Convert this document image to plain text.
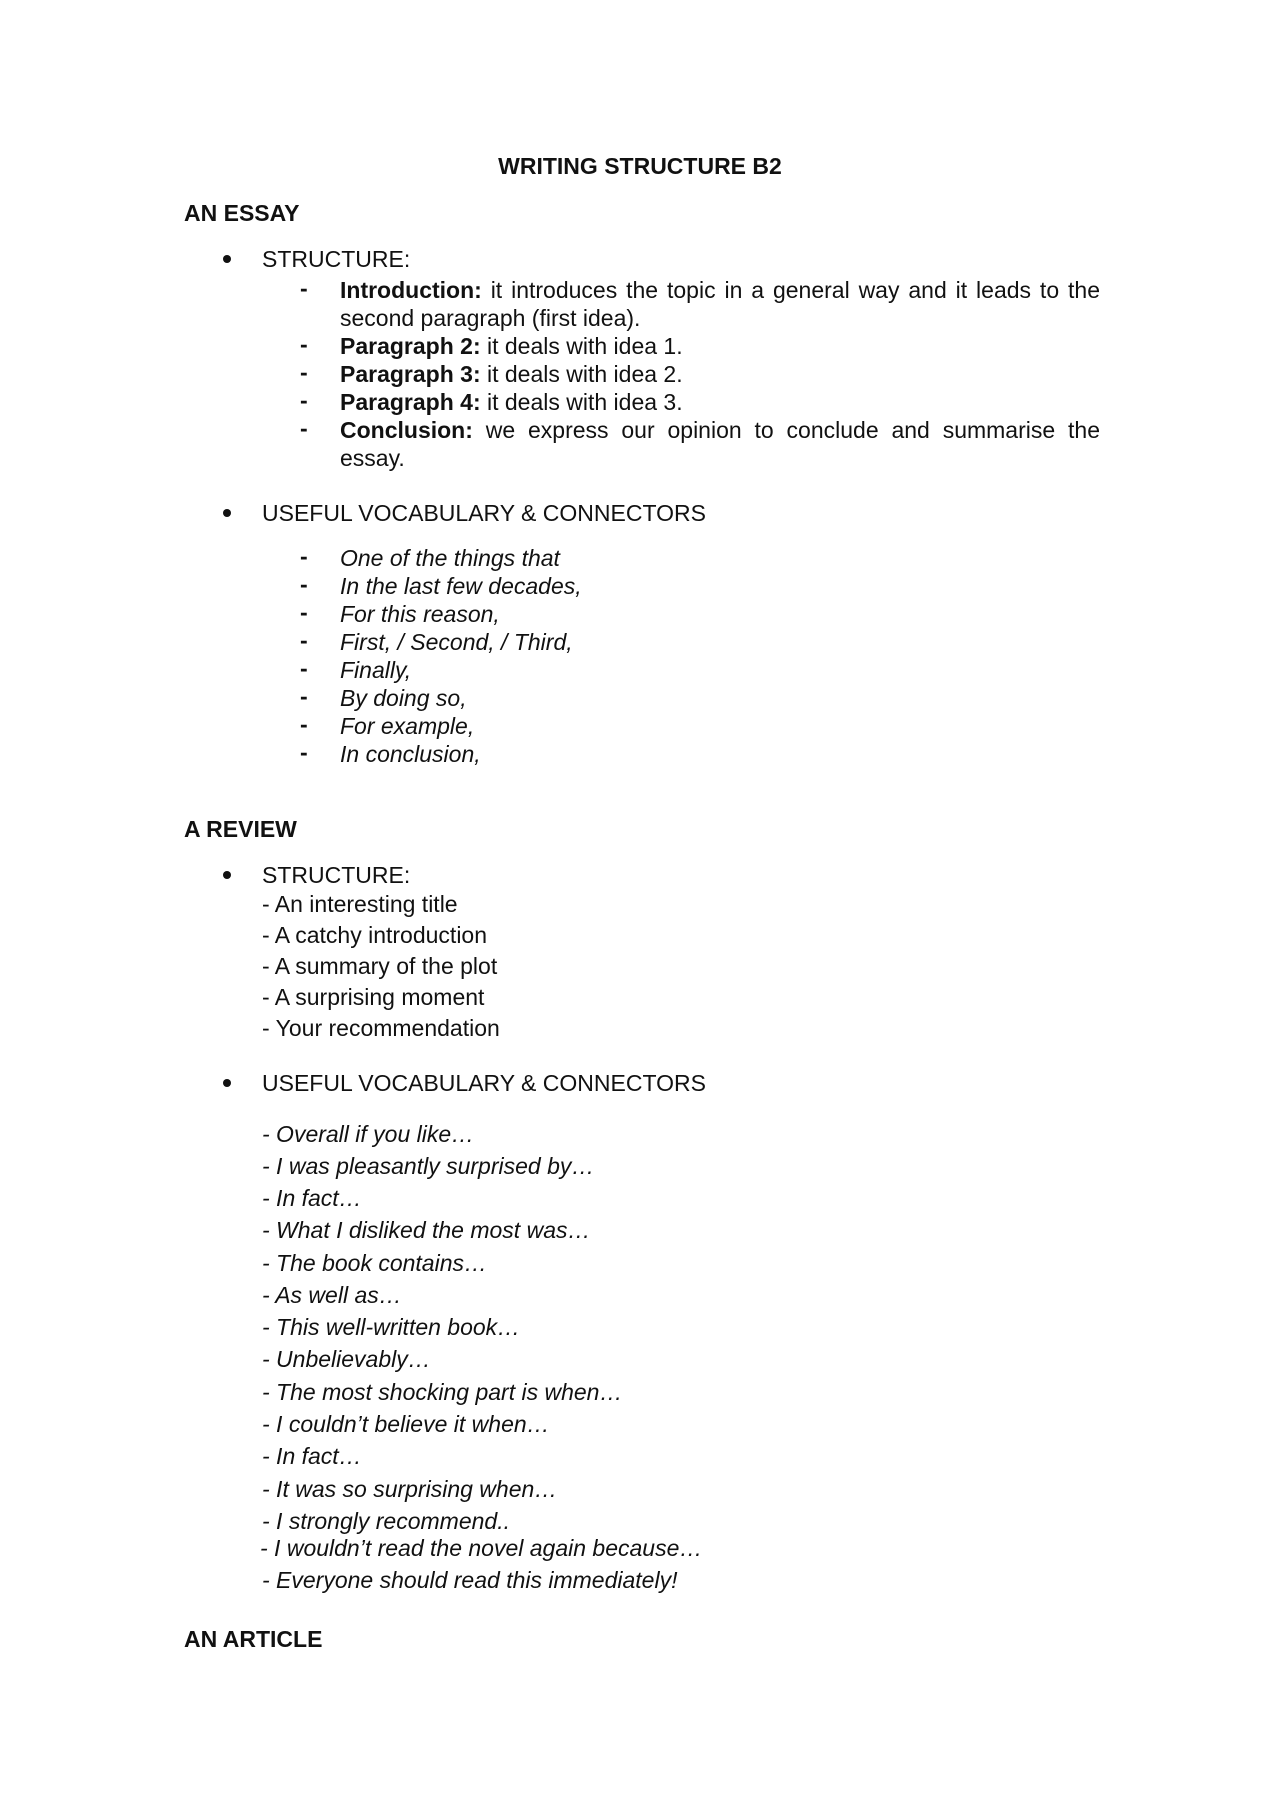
WRITING STRUCTURE B2
AN ESSAY
STRUCTURE:
- Introduction: it introduces the topic in a general way and it leads to the second paragraph (first idea).
- Paragraph 2: it deals with idea 1.
- Paragraph 3: it deals with idea 2.
- Paragraph 4: it deals with idea 3.
- Conclusion: we express our opinion to conclude and summarise the essay.
USEFUL VOCABULARY & CONNECTORS
- One of the things that
- In the last few decades,
- For this reason,
- First, / Second, / Third,
- Finally,
- By doing so,
- For example,
- In conclusion,
A REVIEW
STRUCTURE:
- An interesting title
- A catchy introduction
- A summary of the plot
- A surprising moment
- Your recommendation
USEFUL VOCABULARY & CONNECTORS
- Overall if you like…
- I was pleasantly surprised by…
- In fact…
- What I disliked the most was…
- The book contains…
- As well as…
- This well-written book…
- Unbelievably…
- The most shocking part is when…
- I couldn’t believe it when…
- In fact…
- It was so surprising when…
- I strongly recommend..
- I wouldn’t read the novel again because…
- Everyone should read this immediately!
AN ARTICLE
